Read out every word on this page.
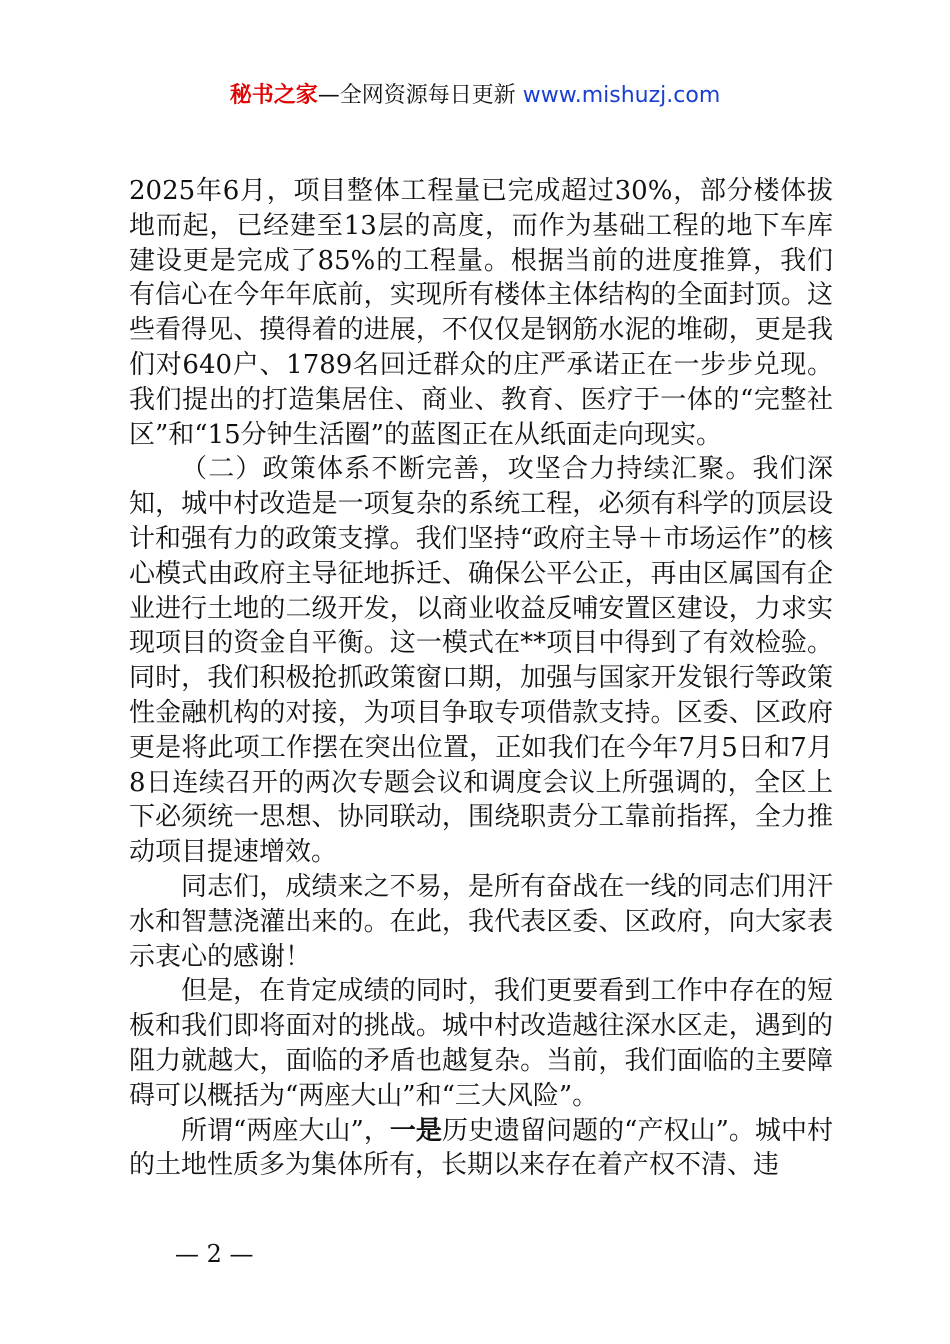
秘书之家—全网资源每日更新 www.mishuzj.com

2025年6月，项目整体工程量已完成超过30%，部分楼体拔地而起，已经建至13层的高度，而作为基础工程的地下车库建设更是完成了85%的工程量。根据当前的进度推算，我们有信心在今年年底前，实现所有楼体主体结构的全面封顶。这些看得见、摸得着的进展，不仅仅是钢筋水泥的堆砌，更是我们对640户、1789名回迁群众的庄严承诺正在一步步兑现。我们提出的打造集居住、商业、教育、医疗于一体的“完整社区”和“15分钟生活圈”的蓝图正在从纸面走向现实。

（二）政策体系不断完善，攻坚合力持续汇聚。我们深知，城中村改造是一项复杂的系统工程，必须有科学的顶层设计和强有力的政策支撑。我们坚持“政府主导＋市场运作”的核心模式由政府主导征地拆迁、确保公平公正，再由区属国有企业进行土地的二级开发，以商业收益反哺安置区建设，力求实现项目的资金自平衡。这一模式在**项目中得到了有效检验。同时，我们积极抢抓政策窗口期，加强与国家开发银行等政策性金融机构的对接，为项目争取专项借款支持。区委、区政府更是将此项工作摆在突出位置，正如我们在今年7月5日和7月8日连续召开的两次专题会议和调度会议上所强调的，全区上下必须统一思想、协同联动，围绕职责分工靠前指挥，全力推动项目提速增效。

同志们，成绩来之不易，是所有奋战在一线的同志们用汗水和智慧浇灌出来的。在此，我代表区委、区政府，向大家表示衷心的感谢！

但是，在肯定成绩的同时，我们更要看到工作中存在的短板和我们即将面对的挑战。城中村改造越往深水区走，遇到的阻力就越大，面临的矛盾也越复杂。当前，我们面临的主要障碍可以概括为“两座大山”和“三大风险”。

所谓“两座大山”，一是历史遗留问题的“产权山”。城中村的土地性质多为集体所有，长期以来存在着产权不清、违

— 2 —
